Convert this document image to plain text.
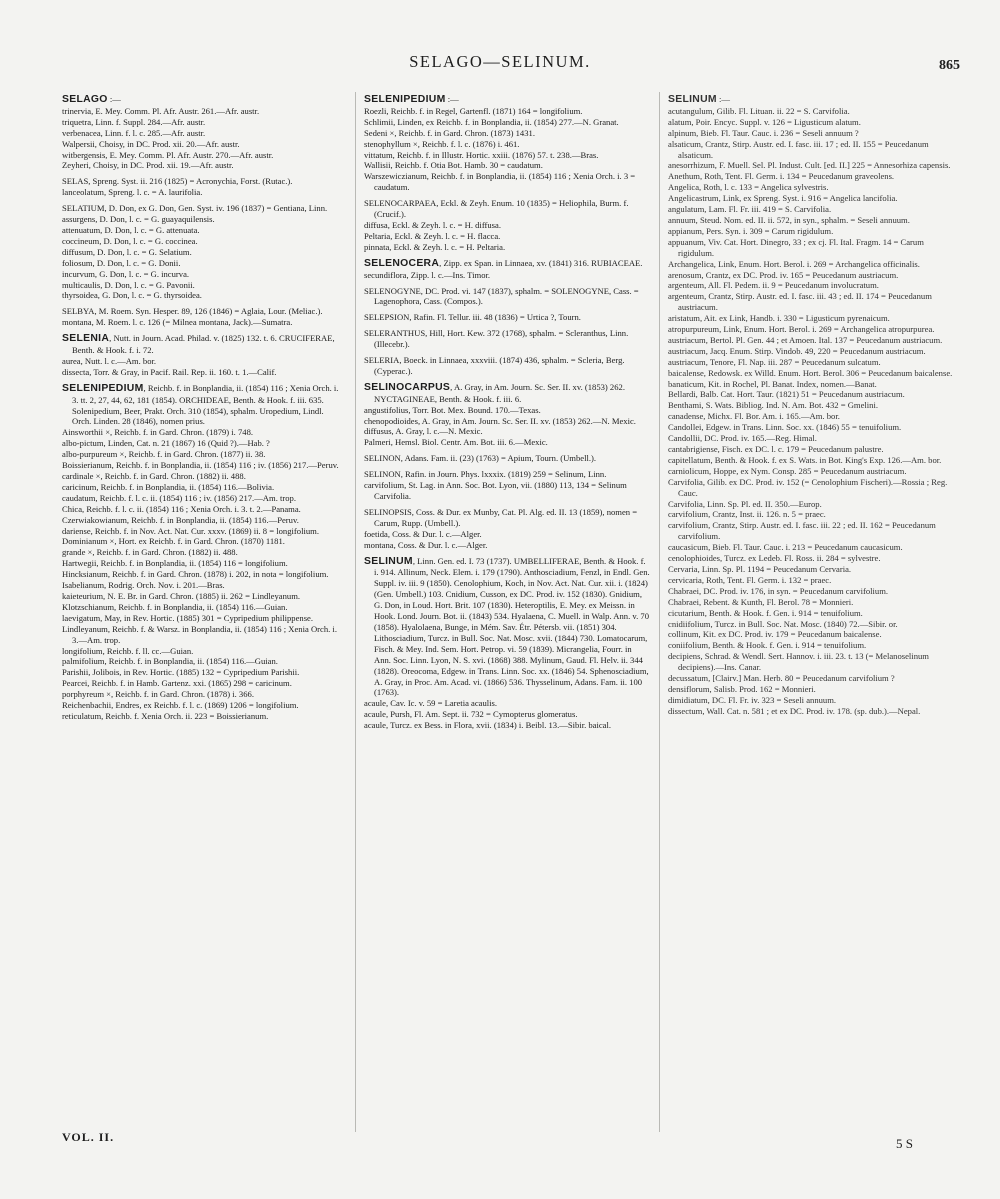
SELAGO—SELINUM.	865
SELAGO :—
trinervia, E. Mey. Comm. Pl. Afr. Austr. 261.—Afr. austr.
triquetra, Linn. f. Suppl. 284.—Afr. austr.
verbenacea, Linn. f. l. c. 285.—Afr. austr.
Walpersii, Choisy, in DC. Prod. xii. 20.—Afr. austr.
witbergensis, E. Mey. Comm. Pl. Afr. Austr. 270.—Afr. austr.
Zeyheri, Choisy, in DC. Prod. xii. 19.—Afr. austr.
SELAS, Spreng. Syst. ii. 216 (1825) = Acronychia, Forst. (Rutac.).
lanceolatum, Spreng. l. c. = A. laurifolia.
SELATIUM, D. Don, ex G. Don, Gen. Syst. iv. 196 (1837) = Gentiana, Linn.
assurgens, D. Don, l. c. = G. guayaquilensis.
attenuatum, D. Don, l. c. = G. attenuata.
coccineum, D. Don, l. c. = G. coccinea.
diffusum, D. Don, l. c. = G. Selatium.
foliosum, D. Don, l. c. = G. Donii.
incurvum, G. Don, l. c. = G. incurva.
multicaulis, D. Don, l. c. = G. Pavonii.
thyrsoidea, G. Don, l. c. = G. thyrsoidea.
SELBYA, M. Roem. Syn. Hesper. 89, 126 (1846) = Aglaia, Lour. (Meliac.).
montana, M. Roem. l. c. 126 (= Milnea montana, Jack).—Sumatra.
SELENIA, Nutt. in Journ. Acad. Philad. v. (1825) 132. t. 6. CRUCIFERAE, Benth. & Hook. f. i. 72.
aurea, Nutt. l. c.—Am. bor.
dissecta, Torr. & Gray, in Pacif. Rail. Rep. ii. 160. t. 1.—Calif.
SELENIPEDIUM, Reichb. f. in Bonplandia, ii. (1854) 116 ; Xenia Orch. i. 3. tt. 2, 27, 44, 62, 181 (1854). ORCHIDEAE, Benth. & Hook. f. iii. 635. Solenipedium, Beer, Prakt. Orch. 310 (1854), sphalm. Uropedium, Lindl. Orch. Linden. 28 (1846), nomen prius.
Ainsworthii ×, Reichb. f. in Gard. Chron. (1879) i. 748.
albo-pictum, Linden, Cat. n. 21 (1867) 16 (Quid ?).—Hab. ?
albo-purpureum ×, Reichb. f. in Gard. Chron. (1877) ii. 38.
Boissierianum, Reichb. f. in Bonplandia, ii. (1854) 116 ; iv. (1856) 217.—Peruv.
cardinale ×, Reichb. f. in Gard. Chron. (1882) ii. 488.
caricinum, Reichb. f. in Bonplandia, ii. (1854) 116.—Bolivia.
caudatum, Reichb. f. l. c. ii. (1854) 116 ; iv. (1856) 217.—Am. trop.
Chica, Reichb. f. l. c. ii. (1854) 116 ; Xenia Orch. i. 3. t. 2.—Panama.
Czerwiakowianum, Reichb. f. in Bonplandia, ii. (1854) 116.—Peruv.
dariense, Reichb. f. in Nov. Act. Nat. Cur. xxxv. (1869) ii. 8 = longifolium.
Dominianum ×, Hort. ex Reichb. f. in Gard. Chron. (1870) 1181.
grande ×, Reichb. f. in Gard. Chron. (1882) ii. 488.
Hartwegii, Reichb. f. in Bonplandia, ii. (1854) 116 = longifolium.
Hincksianum, Reichb. f. in Gard. Chron. (1878) i. 202, in nota = longifolium.
Isabelianum, Rodrig. Orch. Nov. i. 201.—Bras.
kaieteurium, N. E. Br. in Gard. Chron. (1885) ii. 262 = Lindleyanum.
Klotzschianum, Reichb. f. in Bonplandia, ii. (1854) 116.—Guian.
laevigatum, May, in Rev. Hortic. (1885) 301 = Cypripedium philippense.
Lindleyanum, Reichb. f. & Warsz. in Bonplandia, ii. (1854) 116 ; Xenia Orch. i. 3.—Am. trop.
longifolium, Reichb. f. ll. cc.—Guian.
palmifolium, Reichb. f. in Bonplandia, ii. (1854) 116.—Guian.
Parishii, Jolibois, in Rev. Hortic. (1885) 132 = Cypripedium Parishii.
Pearcei, Reichb. f. in Hamb. Gartenz. xxi. (1865) 298 = caricinum.
porphyreum ×, Reichb. f. in Gard. Chron. (1878) i. 366.
Reichenbachii, Endres, ex Reichb. f. l. c. (1869) 1206 = longifolium.
reticulatum, Reichb. f. Xenia Orch. ii. 223 = Boissierianum.
SELENIPEDIUM :—
Roezli, Reichb. f. in Regel, Gartenfl. (1871) 164 = longifolium.
Schlimii, Linden, ex Reichb. f. in Bonplandia, ii. (1854) 277.—N. Granat.
Sedeni ×, Reichb. f. in Gard. Chron. (1873) 1431.
stenophyllum ×, Reichb. f. l. c. (1876) i. 461.
vittatum, Reichb. f. in Illustr. Hortic. xxiii. (1876) 57. t. 238.—Bras.
Wallisii, Reichb. f. Otia Bot. Hamb. 30 = caudatum.
Warszewiczianum, Reichb. f. in Bonplandia, ii. (1854) 116 ; Xenia Orch. i. 3 = caudatum.
SELENOCARPAEA, Eckl. & Zeyh. Enum. 10 (1835) = Heliophila, Burm. f. (Crucif.).
diffusa, Eckl. & Zeyh. l. c. = H. diffusa.
Peltaria, Eckl. & Zeyh. l. c. = H. flacca.
pinnata, Eckl. & Zeyh. l. c. = H. Peltaria.
SELENOCERA, Zipp. ex Span. in Linnaea, xv. (1841) 316. RUBIACEAE.
secundiflora, Zipp. l. c.—Ins. Timor.
SELENOGYNE, DC. Prod. vi. 147 (1837), sphalm. = SOLENOGYNE, Cass. = Lagenophora, Cass. (Compos.).
SELEPSION, Rafin. Fl. Tellur. iii. 48 (1836) = Urtica ?, Tourn.
SELERANTHUS, Hill, Hort. Kew. 372 (1768), sphalm. = Scleranthus, Linn. (Illecebr.).
SELERIA, Boeck. in Linnaea, xxxviii. (1874) 436, sphalm. = Scleria, Berg. (Cyperac.).
SELINOCARPUS, A. Gray, in Am. Journ. Sc. Ser. II. xv. (1853) 262. NYCTAGINEAE, Benth. & Hook. f. iii. 6.
angustifolius, Torr. Bot. Mex. Bound. 170.—Texas.
chenopodioides, A. Gray, in Am. Journ. Sc. Ser. II. xv. (1853) 262.—N. Mexic.
diffusus, A. Gray, l. c.—N. Mexic.
Palmeri, Hemsl. Biol. Centr. Am. Bot. iii. 6.—Mexic.
SELINON, Adans. Fam. ii. (23) (1763) = Apium, Tourn. (Umbell.).
SELINON, Rafin. in Journ. Phys. lxxxix. (1819) 259 = Selinum, Linn.
carvifolium, St. Lag. in Ann. Soc. Bot. Lyon, vii. (1880) 113, 134 = Selinum Carvifolia.
SELINOPSIS, Coss. & Dur. ex Munby, Cat. Pl. Alg. ed. II. 13 (1859), nomen = Carum, Rupp. (Umbell.).
foetida, Coss. & Dur. l. c.—Alger.
montana, Coss. & Dur. l. c.—Alger.
SELINUM, Linn. Gen. ed. I. 73 (1737). UMBELLIFERAE, Benth. & Hook. f. i. 914. Allinum, Neck. Elem. i. 179 (1790). Anthosciadium, Fenzl, in Endl. Gen. Suppl. iv. iii. 9 (1850). Cenolophium, Koch, in Nov. Act. Nat. Cur. xii. i. (1824) (Gen. Umbell.) 103. Cnidium, Cusson, ex DC. Prod. iv. 152 (1830). Gnidium, G. Don, in Loud. Hort. Brit. 107 (1830). Heteroptilis, E. Mey. ex Meissn. in Hook. Lond. Journ. Bot. ii. (1843) 534. Hyalaena, C. Muell. in Walp. Ann. v. 70 (1858). Hyalolaena, Bunge, in Mém. Sav. Étr. Pétersb. vii. (1851) 304. Lithosciadium, Turcz. in Bull. Soc. Nat. Mosc. xvii. (1844) 730. Lomatocarum, Fisch. & Mey. Ind. Sem. Hort. Petrop. vi. 59 (1839). Micrangelia, Fourr. in Ann. Soc. Linn. Lyon, N. S. xvi. (1868) 388. Mylinum, Gaud. Fl. Helv. ii. 344 (1828). Oreocoma, Edgew. in Trans. Linn. Soc. xx. (1846) 54. Sphenosciadium, A. Gray, in Proc. Am. Acad. vi. (1866) 536. Thysselinum, Adans. Fam. ii. 100 (1763).
acaule, Cav. Ic. v. 59 = Laretia acaulis.
acaule, Pursh, Fl. Am. Sept. ii. 732 = Cymopterus glomeratus.
acaule, Turcz. ex Bess. in Flora, xvii. (1834) i. Beibl. 13.—Sibir. baical.
SELINUM :—
acutangulum, Gilib. Fl. Lituan. ii. 22 = S. Carvifolia.
alatum, Poir. Encyc. Suppl. v. 126 = Ligusticum alatum.
alpinum, Bieb. Fl. Taur. Cauc. i. 236 = Seseli annuum ?
alsaticum, Crantz, Stirp. Austr. ed. I. fasc. iii. 17 ; ed. II. 155 = Peucedanum alsaticum.
anesorrhizum, F. Muell. Sel. Pl. Indust. Cult. [ed. II.] 225 = Annesorhiza capensis.
Anethum, Roth, Tent. Fl. Germ. i. 134 = Peucedanum graveolens.
Angelica, Roth, l. c. 133 = Angelica sylvestris.
Angelicastrum, Link, ex Spreng. Syst. i. 916 = Angelica lancifolia.
angulatum, Lam. Fl. Fr. iii. 419 = S. Carvifolia.
annuum, Steud. Nom. ed. II. ii. 572, in syn., sphalm. = Seseli annuum.
appianum, Pers. Syn. i. 309 = Carum rigidulum.
appuanum, Viv. Cat. Hort. Dinegro, 33 ; ex cj. Fl. Ital. Fragm. 14 = Carum rigidulum.
Archangelica, Link, Enum. Hort. Berol. i. 269 = Archangelica officinalis.
arenosum, Crantz, ex DC. Prod. iv. 165 = Peucedanum austriacum.
argenteum, All. Fl. Pedem. ii. 9 = Peucedanum involucratum.
argenteum, Crantz, Stirp. Austr. ed. I. fasc. iii. 43 ; ed. II. 174 = Peucedanum austriacum.
aristatum, Ait. ex Link, Handb. i. 330 = Ligusticum pyrenaicum.
atropurpureum, Link, Enum. Hort. Berol. i. 269 = Archangelica atropurpurea.
austriacum, Bertol. Pl. Gen. 44 ; et Amoen. Ital. 137 = Peucedanum austriacum.
austriacum, Jacq. Enum. Stirp. Vindob. 49, 220 = Peucedanum austriacum.
austriacum, Tenore, Fl. Nap. iii. 287 = Peucedanum sulcatum.
baicalense, Redowsk. ex Willd. Enum. Hort. Berol. 306 = Peucedanum baicalense.
banaticum, Kit. in Rochel, Pl. Banat. Index, nomen.—Banat.
Bellardi, Balb. Cat. Hort. Taur. (1821) 51 = Peucedanum austriacum.
Benthami, S. Wats. Bibliog. Ind. N. Am. Bot. 432 = Gmelini.
canadense, Michx. Fl. Bor. Am. i. 165.—Am. bor.
Candollei, Edgew. in Trans. Linn. Soc. xx. (1846) 55 = tenuifolium.
Candollii, DC. Prod. iv. 165.—Reg. Himal.
cantabrigiense, Fisch. ex DC. l. c. 179 = Peucedanum palustre.
capitellatum, Benth. & Hook. f. ex S. Wats. in Bot. King's Exp. 126.—Am. bor.
carniolicum, Hoppe, ex Nym. Consp. 285 = Peucedanum austriacum.
Carvifolia, Gilib. ex DC. Prod. iv. 152 (= Cenolophium Fischeri).—Rossia ; Reg. Cauc.
Carvifolia, Linn. Sp. Pl. ed. II. 350.—Europ.
carvifolium, Crantz, Inst. ii. 126. n. 5 = praec.
carvifolium, Crantz, Stirp. Austr. ed. I. fasc. iii. 22 ; ed. II. 162 = Peucedanum carvifolium.
caucasicum, Bieb. Fl. Taur. Cauc. i. 213 = Peucedanum caucasicum.
cenolophioides, Turcz. ex Ledeb. Fl. Ross. ii. 284 = sylvestre.
Cervaria, Linn. Sp. Pl. 1194 = Peucedanum Cervaria.
cervicaria, Roth, Tent. Fl. Germ. i. 132 = praec.
Chabraei, DC. Prod. iv. 176, in syn. = Peucedanum carvifolium.
Chabraei, Rebent. & Kunth, Fl. Berol. 78 = Monnieri.
cicutarium, Benth. & Hook. f. Gen. i. 914 = tenuifolium.
cnidiifolium, Turcz. in Bull. Soc. Nat. Mosc. (1840) 72.—Sibir. or.
collinum, Kit. ex DC. Prod. iv. 179 = Peucedanum baicalense.
coniifolium, Benth. & Hook. f. Gen. i. 914 = tenuifolium.
decipiens, Schrad. & Wendl. Sert. Hannov. i. iii. 23. t. 13 (= Melanoselinum decipiens).—Ins. Canar.
decussatum, [Clairv.] Man. Herb. 80 = Peucedanum carvifolium ?
densiflorum, Salisb. Prod. 162 = Monnieri.
dimidiatum, DC. Fl. Fr. iv. 323 = Seseli annuum.
dissectum, Wall. Cat. n. 581 ; et ex DC. Prod. iv. 178. (sp. dub.).—Nepal.
VOL. II.	5 S
